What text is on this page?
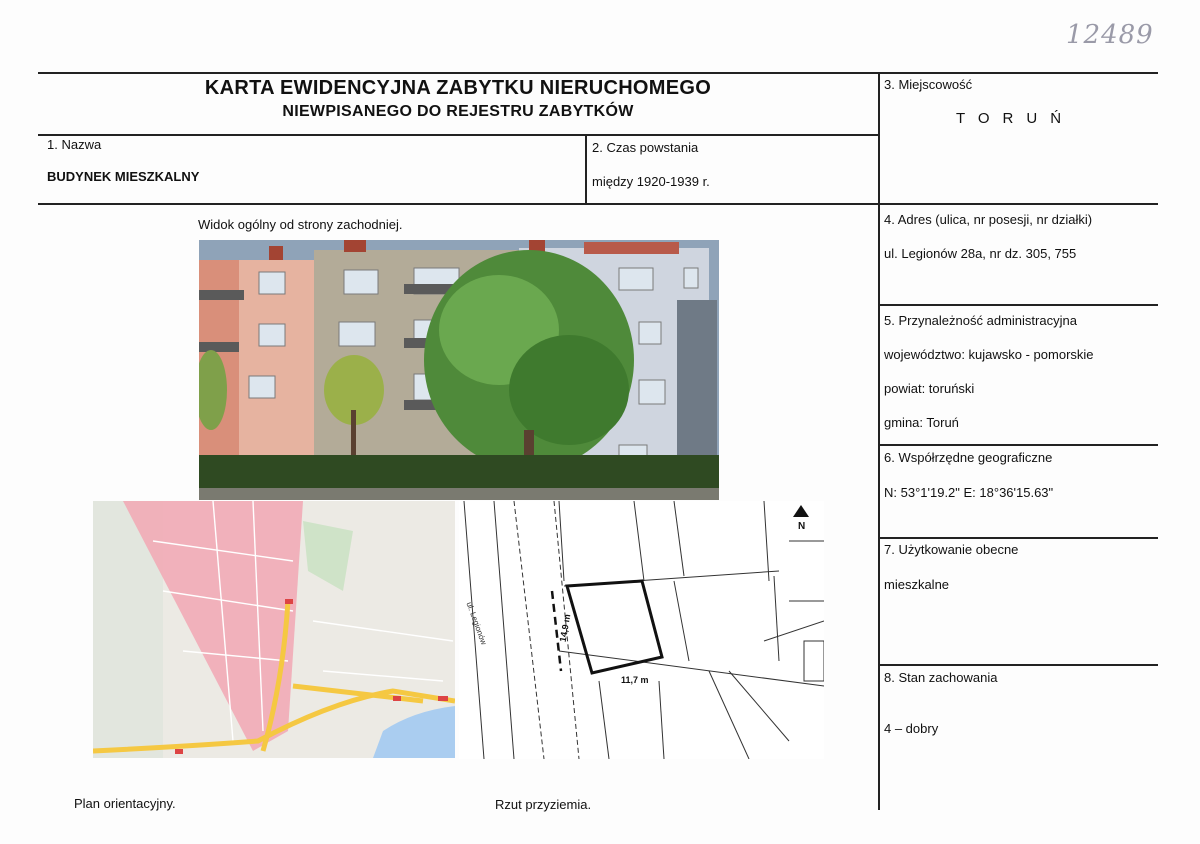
12489
KARTA EWIDENCYJNA ZABYTKU NIERUCHOMEGO
NIEWPISANEGO DO REJESTRU ZABYTKÓW
1. Nazwa
BUDYNEK MIESZKALNY
2. Czas powstania
między 1920-1939 r.
3. Miejscowość
TORUŃ
4. Adres (ulica, nr posesji, nr działki)
ul. Legionów 28a, nr dz. 305, 755
5. Przynależność administracyjna
województwo: kujawsko - pomorskie
powiat: toruński
gmina: Toruń
6. Współrzędne geograficzne
N: 53°1'19.2" E: 18°36'15.63"
7. Użytkowanie obecne
mieszkalne
8. Stan zachowania
4 – dobry
Widok ogólny od strony zachodniej.
ul. Legionów	14,9 m
11,7 m
N
Plan orientacyjny.	Rzut przyziemia.
